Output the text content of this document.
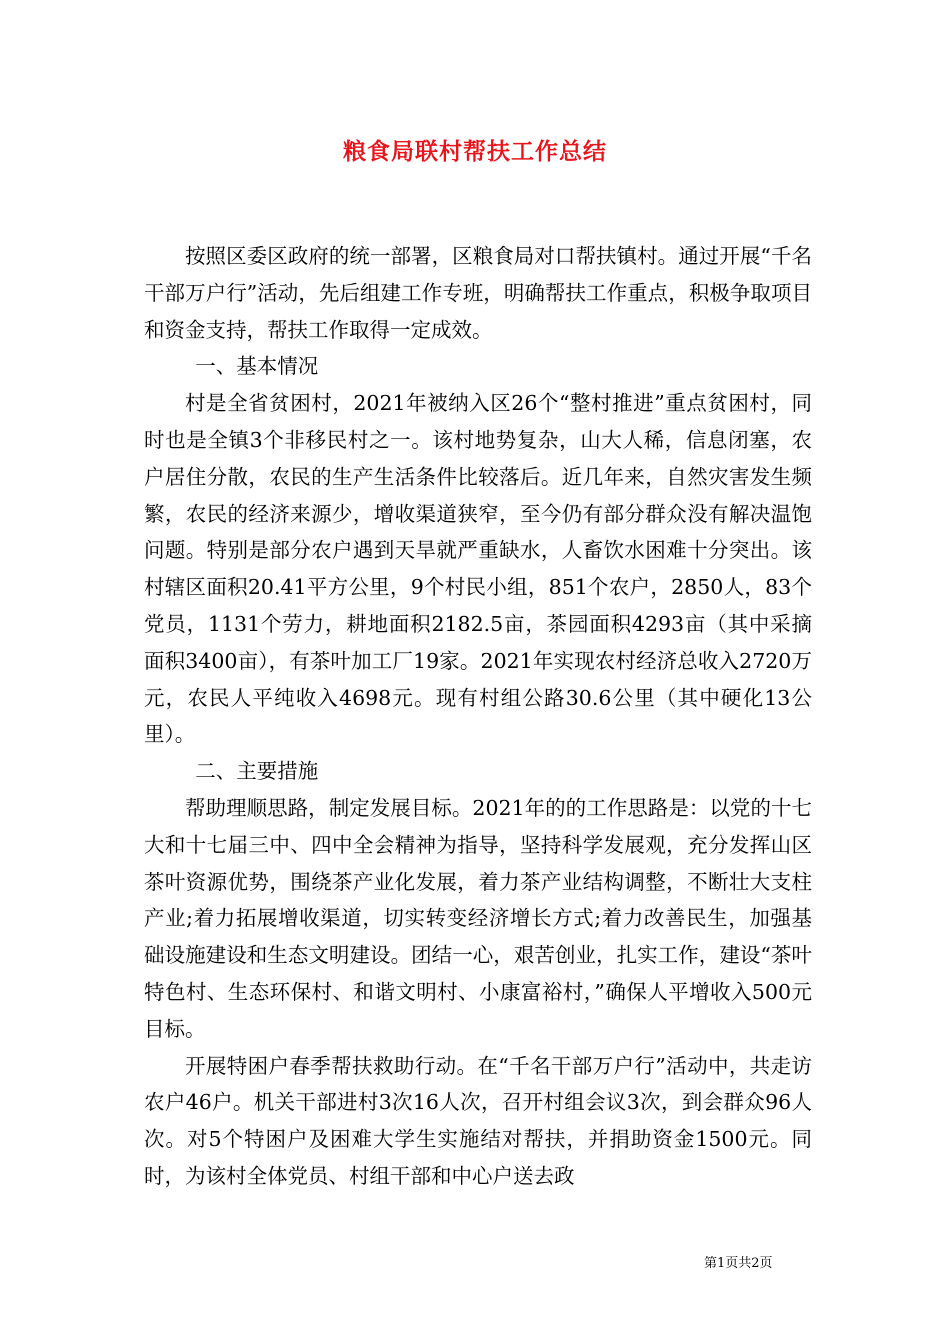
粮食局联村帮扶工作总结

按照区委区政府的统一部署，区粮食局对口帮扶镇村。通过开展“千名干部万户行”活动，先后组建工作专班，明确帮扶工作重点，积极争取项目和资金支持，帮扶工作取得一定成效。

一、基本情况

村是全省贫困村，2021年被纳入区26个“整村推进”重点贫困村，同时也是全镇3个非移民村之一。该村地势复杂，山大人稀，信息闭塞，农户居住分散，农民的生产生活条件比较落后。近几年来，自然灾害发生频繁，农民的经济来源少，增收渠道狭窄，至今仍有部分群众没有解决温饱问题。特别是部分农户遇到天旱就严重缺水，人畜饮水困难十分突出。该村辖区面积20.41平方公里，9个村民小组，851个农户，2850人，83个党员，1131个劳力，耕地面积2182.5亩，茶园面积4293亩（其中采摘面积3400亩），有茶叶加工厂19家。2021年实现农村经济总收入2720万元，农民人平纯收入4698元。现有村组公路30.6公里（其中硬化13公里）。

二、主要措施

帮助理顺思路，制定发展目标。2021年的的工作思路是：以党的十七大和十七届三中、四中全会精神为指导，坚持科学发展观，充分发挥山区茶叶资源优势，围绕茶产业化发展，着力茶产业结构调整，不断壮大支柱产业;着力拓展增收渠道，切实转变经济增长方式;着力改善民生，加强基础设施建设和生态文明建设。团结一心，艰苦创业，扎实工作，建设“茶叶特色村、生态环保村、和谐文明村、小康富裕村，”确保人平增收入500元目标。

开展特困户春季帮扶救助行动。在“千名干部万户行”活动中，共走访农户46户。机关干部进村3次16人次，召开村组会议3次，到会群众96人次。对5个特困户及困难大学生实施结对帮扶，并捐助资金1500元。同时，为该村全体党员、村组干部和中心户送去政

第1页共2页
